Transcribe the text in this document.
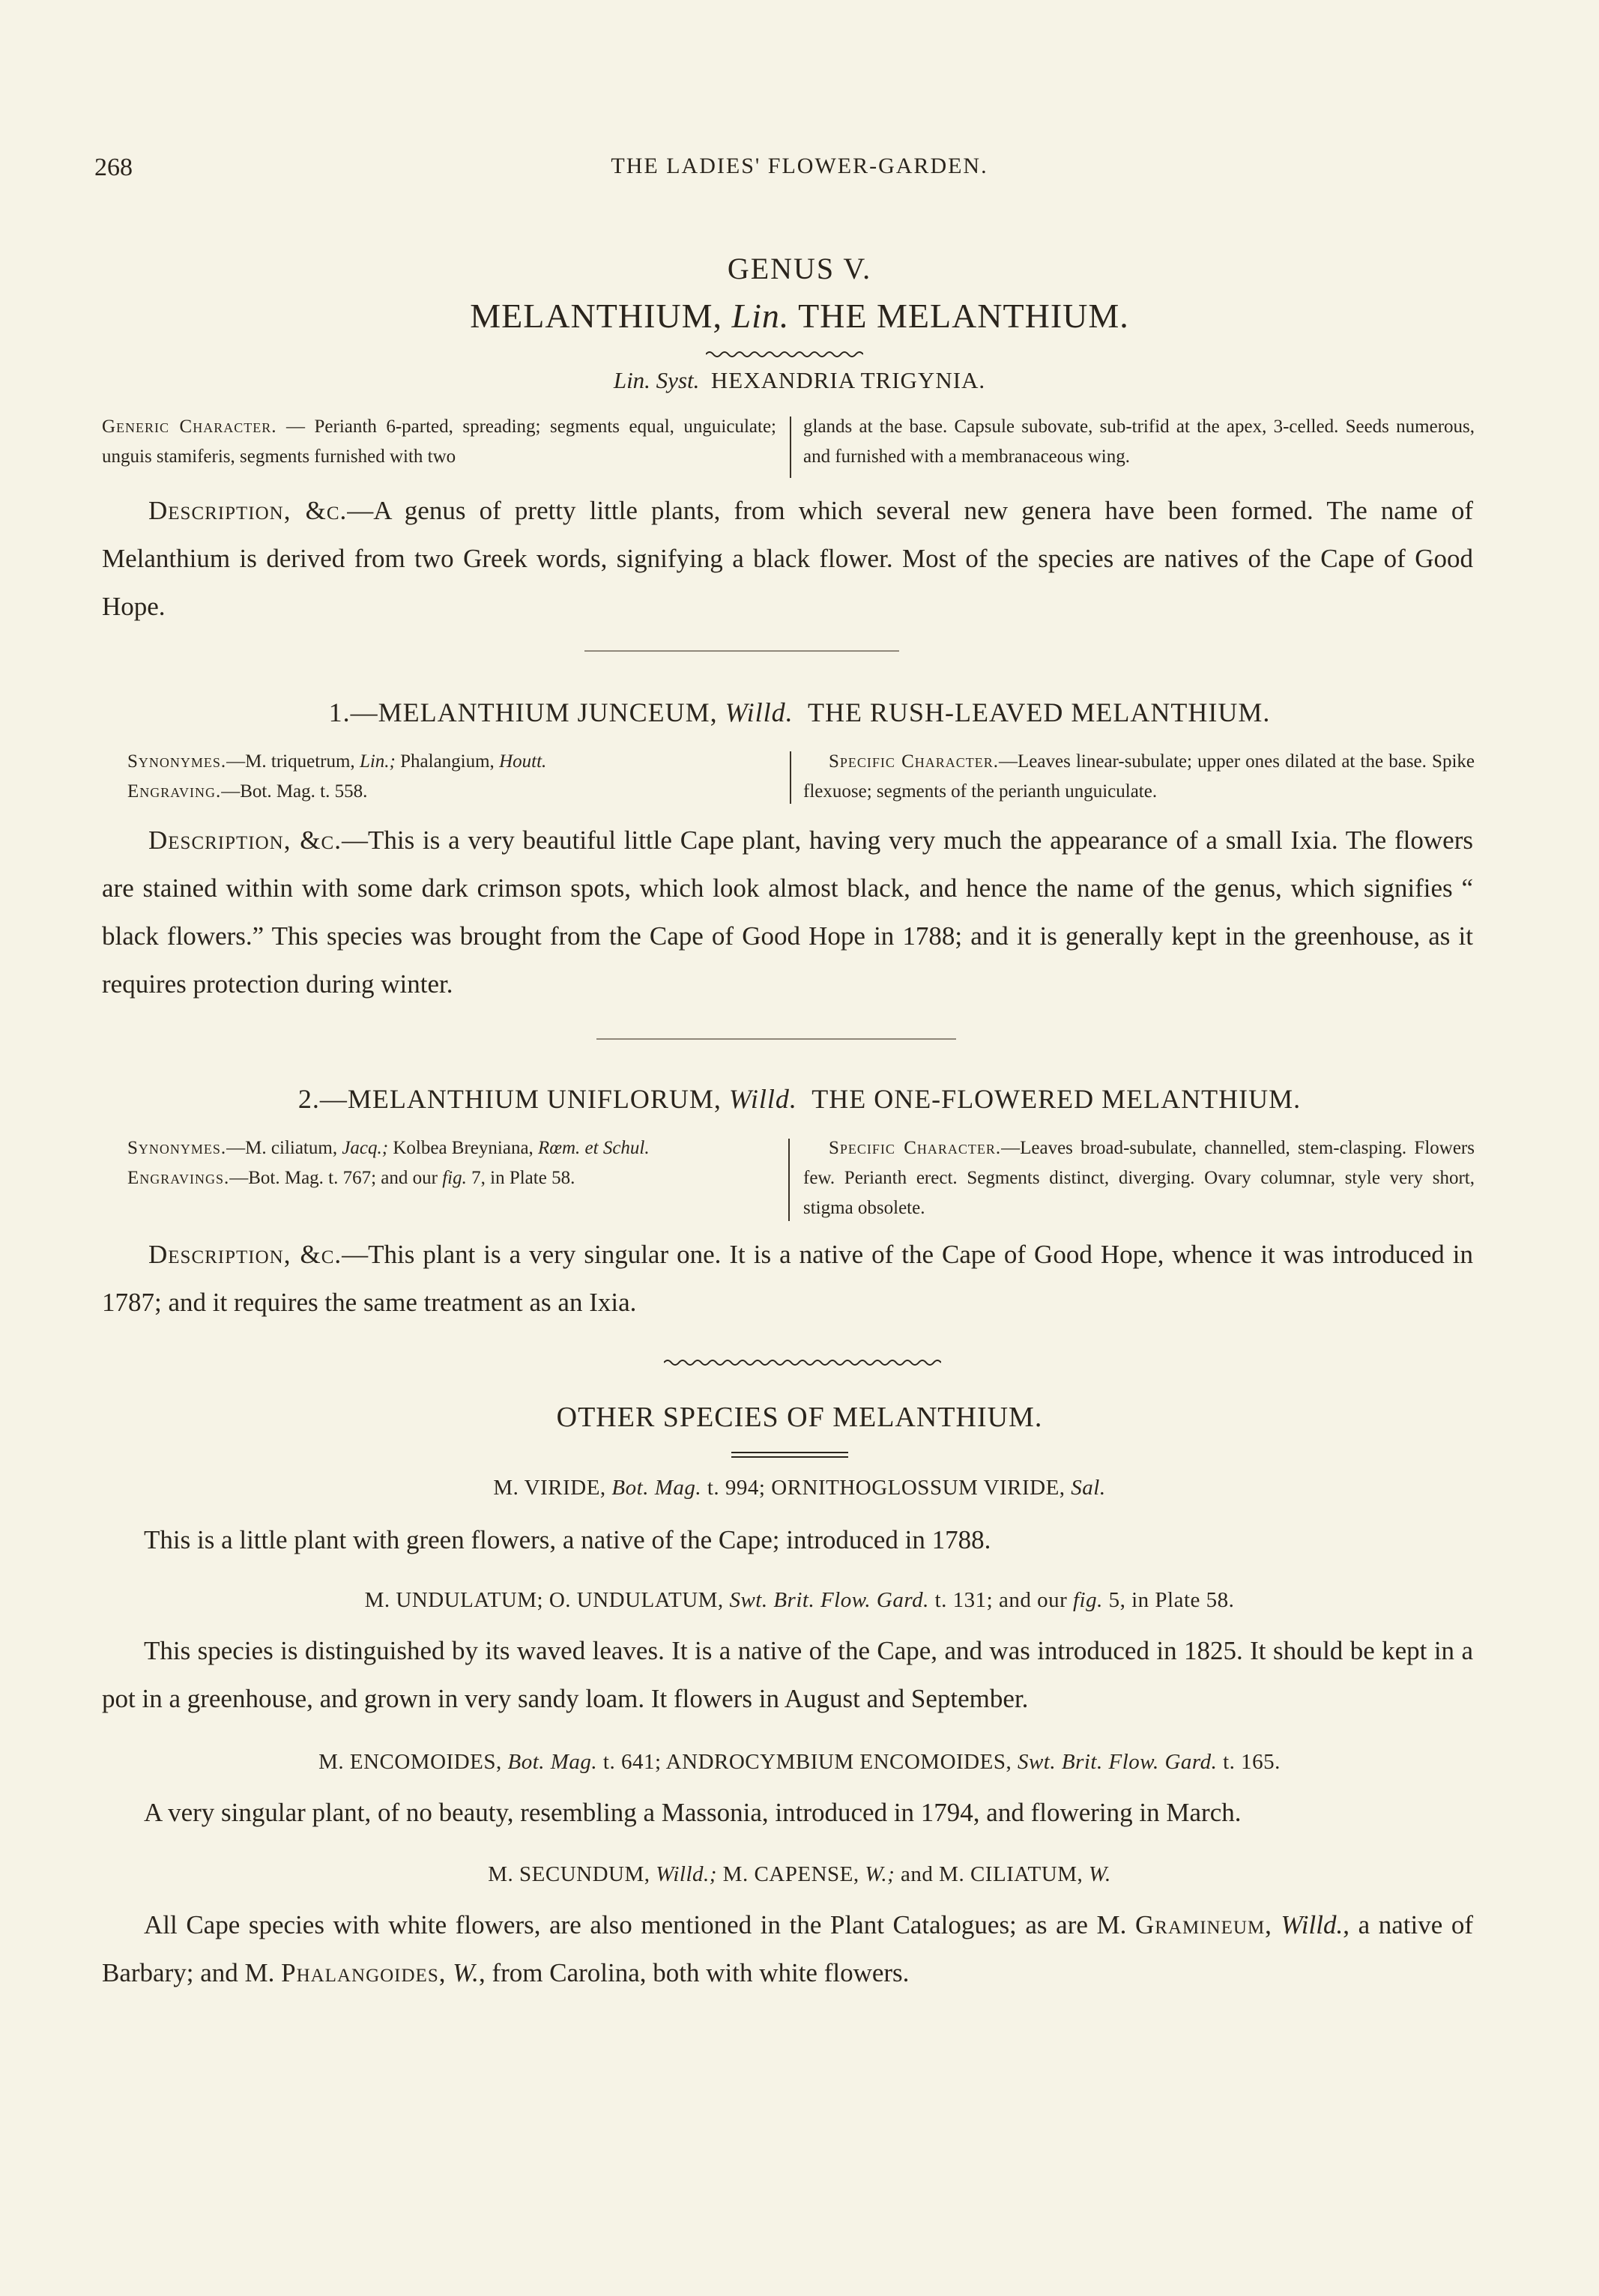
268	THE LADIES' FLOWER-GARDEN.
GENUS V.
MELANTHIUM, Lin. THE MELANTHIUM.
Lin. Syst. HEXANDRIA TRIGYNIA.
Generic Character. — Perianth 6-parted, spreading; segments equal, unguiculate; unguis stamiferis, segments furnished with two
glands at the base. Capsule subovate, sub-trifid at the apex, 3-celled. Seeds numerous, and furnished with a membranaceous wing.
Description, &c.—A genus of pretty little plants, from which several new genera have been formed. The name of Melanthium is derived from two Greek words, signifying a black flower. Most of the species are natives of the Cape of Good Hope.
1.—MELANTHIUM JUNCEUM, Willd. THE RUSH-LEAVED MELANTHIUM.
Synonymes.—M. triquetrum, Lin.; Phalangium, Houtt.
Engraving.—Bot. Mag. t. 558.
Specific Character.—Leaves linear-subulate; upper ones dilated at the base. Spike flexuose; segments of the perianth unguiculate.
Description, &c.—This is a very beautiful little Cape plant, having very much the appearance of a small Ixia. The flowers are stained within with some dark crimson spots, which look almost black, and hence the name of the genus, which signifies “ black flowers.” This species was brought from the Cape of Good Hope in 1788; and it is generally kept in the greenhouse, as it requires protection during winter.
2.—MELANTHIUM UNIFLORUM, Willd. THE ONE-FLOWERED MELANTHIUM.
Synonymes.—M. ciliatum, Jacq.; Kolbea Breyniana, Rœm. et Schul.
Engravings.—Bot. Mag. t. 767; and our fig. 7, in Plate 58.
Specific Character.—Leaves broad-subulate, channelled, stem-clasping. Flowers few. Perianth erect. Segments distinct, diverging. Ovary columnar, style very short, stigma obsolete.
Description, &c.—This plant is a very singular one. It is a native of the Cape of Good Hope, whence it was introduced in 1787; and it requires the same treatment as an Ixia.
OTHER SPECIES OF MELANTHIUM.
M. VIRIDE, Bot. Mag. t. 994; ORNITHOGLOSSUM VIRIDE, Sal.
This is a little plant with green flowers, a native of the Cape; introduced in 1788.
M. UNDULATUM; O. UNDULATUM, Swt. Brit. Flow. Gard. t. 131; and our fig. 5, in Plate 58.
This species is distinguished by its waved leaves. It is a native of the Cape, and was introduced in 1825. It should be kept in a pot in a greenhouse, and grown in very sandy loam. It flowers in August and September.
M. ENCOMOIDES, Bot. Mag. t. 641; ANDROCYMBIUM ENCOMOIDES, Swt. Brit. Flow. Gard. t. 165.
A very singular plant, of no beauty, resembling a Massonia, introduced in 1794, and flowering in March.
M. SECUNDUM, Willd.; M. CAPENSE, W.; and M. CILIATUM, W.
All Cape species with white flowers, are also mentioned in the Plant Catalogues; as are M. Gramineum, Willd., a native of Barbary; and M. Phalangoides, W., from Carolina, both with white flowers.
